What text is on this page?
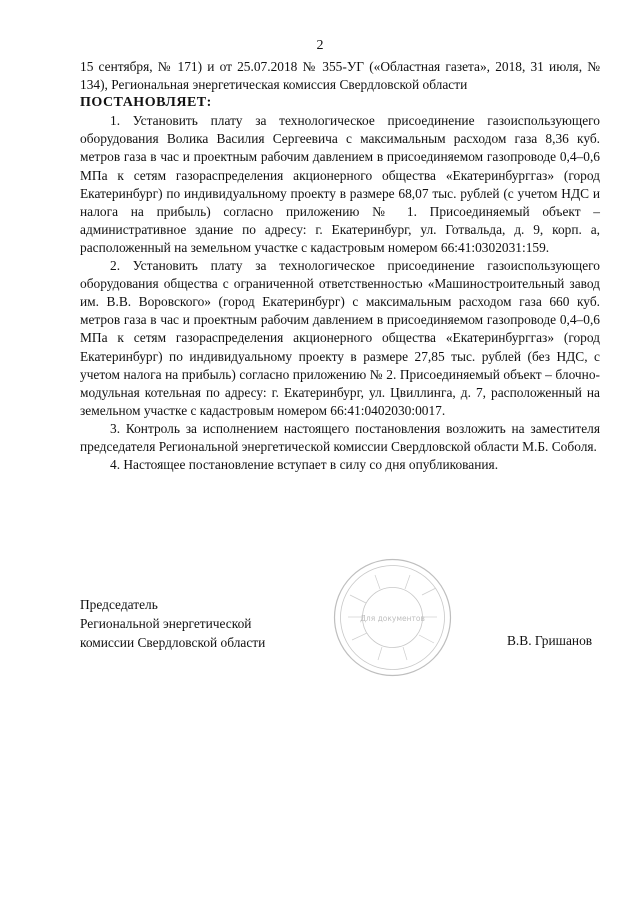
2

15 сентября, № 171) и от 25.07.2018 № 355-УГ («Областная газета», 2018, 31 июля, № 134), Региональная энергетическая комиссия Свердловской области

ПОСТАНОВЛЯЕТ:

1. Установить плату за технологическое присоединение газоиспользующего оборудования Волика Василия Сергеевича с максимальным расходом газа 8,36 куб. метров газа в час и проектным рабочим давлением в присоединяемом газопроводе 0,4–0,6 МПа к сетям газораспределения акционерного общества «Екатеринбурггаз» (город Екатеринбург) по индивидуальному проекту в размере 68,07 тыс. рублей (с учетом НДС и налога на прибыль) согласно приложению № 1. Присоединяемый объект – административное здание по адресу: г. Екатеринбург, ул. Готвальда, д. 9, корп. а, расположенный на земельном участке с кадастровым номером 66:41:0302031:159.

2. Установить плату за технологическое присоединение газоиспользующего оборудования общества с ограниченной ответственностью «Машиностроительный завод им. В.В. Воровского» (город Екатеринбург) с максимальным расходом газа 660 куб. метров газа в час и проектным рабочим давлением в присоединяемом газопроводе 0,4–0,6 МПа к сетям газораспределения акционерного общества «Екатеринбурггаз» (город Екатеринбург) по индивидуальному проекту в размере 27,85 тыс. рублей (без НДС, с учетом налога на прибыль) согласно приложению № 2. Присоединяемый объект – блочно-модульная котельная по адресу: г. Екатеринбург, ул. Цвиллинга, д. 7, расположенный на земельном участке с кадастровым номером 66:41:0402030:0017.

3. Контроль за исполнением настоящего постановления возложить на заместителя председателя Региональной энергетической комиссии Свердловской области М.Б. Соболя.

4. Настоящее постановление вступает в силу со дня опубликования.

Для документов
Председатель
Региональной энергетической
комиссии Свердловской области	В.В. Гришанов
